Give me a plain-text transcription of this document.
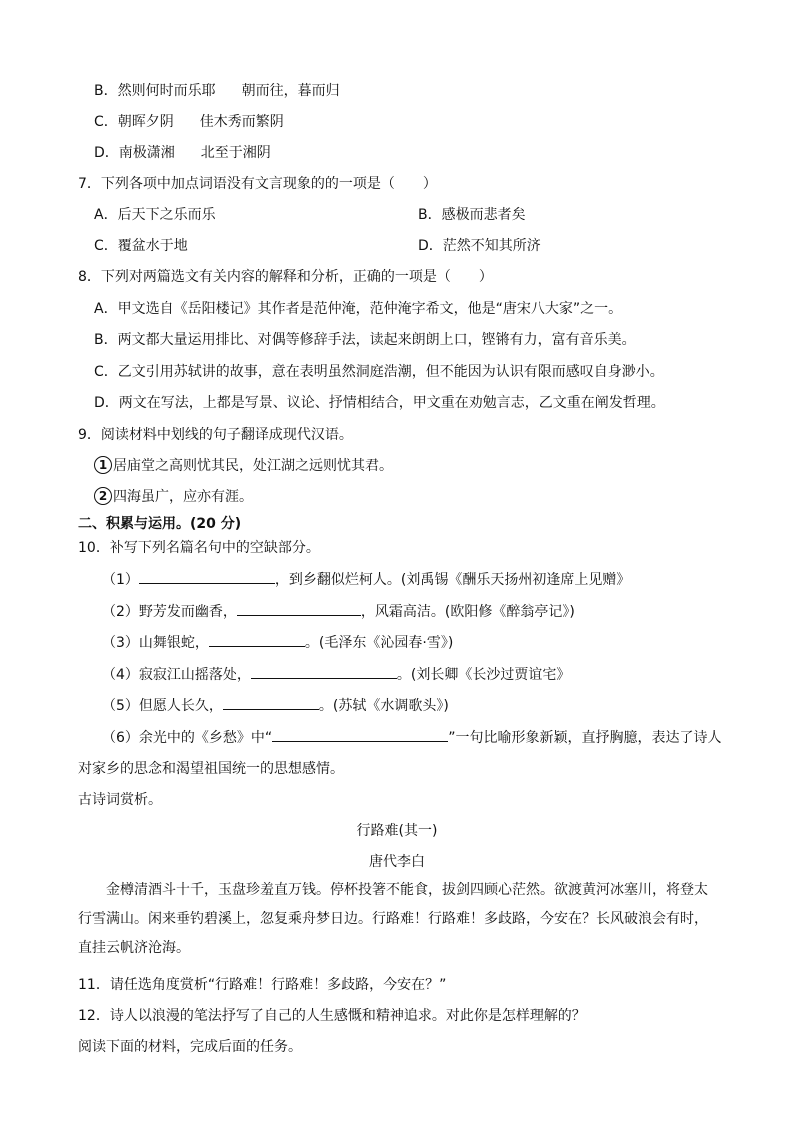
B．然则何时而乐耶 朝而往，暮而归
C．朝晖夕阴 佳木秀而繁阴
D．南极潇湘 北至于湘阴
7．下列各项中加点词语没有文言现象的的一项是（　　）
A．后天下之乐而乐	B．感极而悲者矣
C．覆盆水于地	D．茫然不知其所济
8．下列对两篇选文有关内容的解释和分析，正确的一项是（　　）
A．甲文选自《岳阳楼记》其作者是范仲淹，范仲淹字希文，他是“唐宋八大家”之一。
B．两文都大量运用排比、对偶等修辞手法，读起来朗朗上口，铿锵有力，富有音乐美。
C．乙文引用苏轼讲的故事，意在表明虽然洞庭浩潮，但不能因为认识有限而感叹自身渺小。
D．两文在写法，上都是写景、议论、抒情相结合，甲文重在劝勉言志，乙文重在阐发哲理。
9．阅读材料中划线的句子翻译成现代汉语。
1 居庙堂之高则忧其民，处江湖之远则忧其君。
2 四海虽广，应亦有涯。
二、积累与运用。(20 分)
10．补写下列名篇名句中的空缺部分。
（1）	，到乡翻似烂柯人。(刘禹锡《酬乐天扬州初逢席上见赠》
（2）野芳发而幽香，	，风霜高洁。(欧阳修《醉翁亭记》)
（3）山舞银蛇，	。(毛泽东《沁园春·雪》)
（4）寂寂江山摇落处，	。(刘长卿《长沙过贾谊宅》
（5）但愿人长久，	。(苏轼《水调歌头》)
（6）余光中的《乡愁》中“	”一句比喻形象新颖，直抒胸臆，表达了诗人
对家乡的思念和渴望祖国统一的思想感情。
古诗词赏析。
行路难(其一)
唐代李白

　　金樽清酒斗十千，玉盘珍羞直万钱。停杯投箸不能食，拔剑四顾心茫然。欲渡黄河冰塞川，将登太

行雪满山。闲来垂钓碧溪上，忽复乘舟梦日边。行路难！行路难！多歧路，今安在？长风破浪会有时，

直挂云帆济沧海。

11．请任选角度赏析“行路难！行路难！多歧路，今安在？”
12．诗人以浪漫的笔法抒写了自己的人生感慨和精神追求。对此你是怎样理解的？
阅读下面的材料，完成后面的任务。
